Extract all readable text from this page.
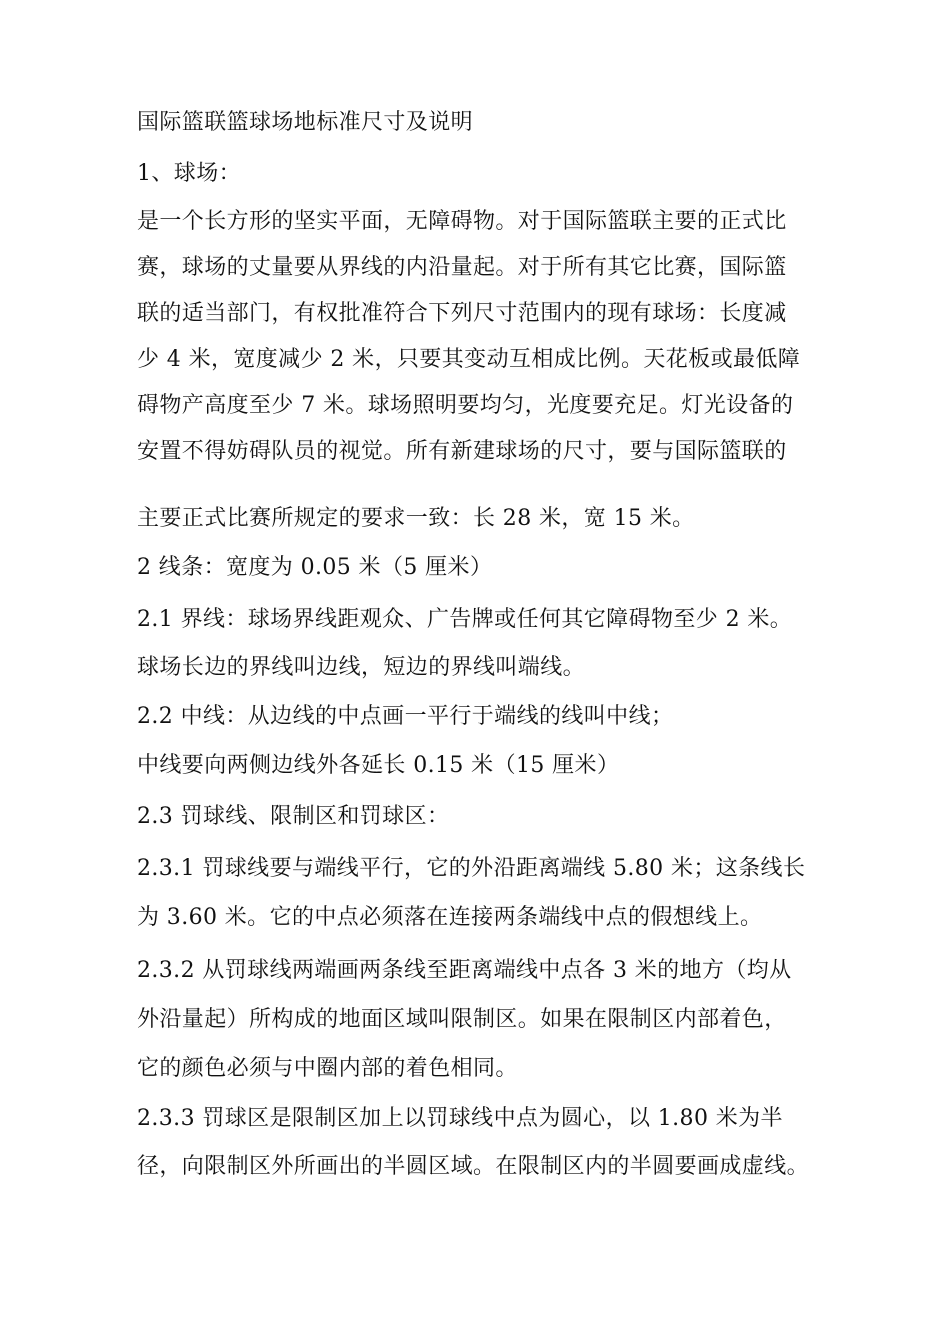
国际篮联篮球场地标准尺寸及说明
1、球场：
是一个长方形的坚实平面，无障碍物。对于国际篮联主要的正式比
赛，球场的丈量要从界线的内沿量起。对于所有其它比赛，国际篮
联的适当部门，有权批准符合下列尺寸范围内的现有球场：长度减
少 4 米，宽度减少 2 米，只要其变动互相成比例。天花板或最低障
碍物产高度至少 7 米。球场照明要均匀，光度要充足。灯光设备的
安置不得妨碍队员的视觉。所有新建球场的尺寸，要与国际篮联的
主要正式比赛所规定的要求一致：长 28 米，宽 15 米。
2 线条：宽度为 0.05 米（5 厘米）
2.1 界线：球场界线距观众、广告牌或任何其它障碍物至少 2 米。
球场长边的界线叫边线，短边的界线叫端线。
2.2 中线：从边线的中点画一平行于端线的线叫中线；
中线要向两侧边线外各延长 0.15 米（15 厘米）
2.3 罚球线、限制区和罚球区：
2.3.1 罚球线要与端线平行，它的外沿距离端线 5.80 米；这条线长
为 3.60 米。它的中点必须落在连接两条端线中点的假想线上。
2.3.2 从罚球线两端画两条线至距离端线中点各 3 米的地方（均从
外沿量起）所构成的地面区域叫限制区。如果在限制区内部着色，
它的颜色必须与中圈内部的着色相同。
2.3.3 罚球区是限制区加上以罚球线中点为圆心，以 1.80 米为半
径，向限制区外所画出的半圆区域。在限制区内的半圆要画成虚线。
